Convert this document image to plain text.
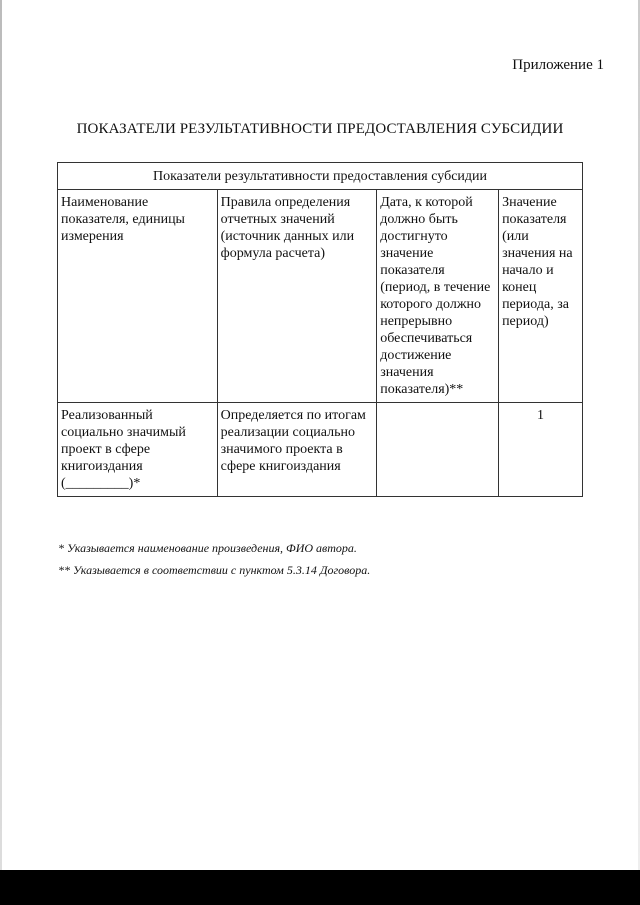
Приложение 1
ПОКАЗАТЕЛИ РЕЗУЛЬТАТИВНОСТИ ПРЕДОСТАВЛЕНИЯ СУБСИДИИ
Показатели результативности предоставления субсидии			
Наименование показателя, единицы измерения	Правила определения отчетных значений (источник данных или формула расчета)	Дата, к которой должно быть достигнуто значение показателя (период, в течение которого должно непрерывно обеспечиваться достижение значения показателя)**	Значение показателя (или значения на начало и конец периода, за период)
Реализованный социально значимый проект в сфере книгоиздания (_________)*	Определяется по итогам реализации социально значимого проекта в сфере книгоиздания		1

* Указывается наименование произведения, ФИО автора.

** Указывается в соответствии с пунктом 5.3.14 Договора.
